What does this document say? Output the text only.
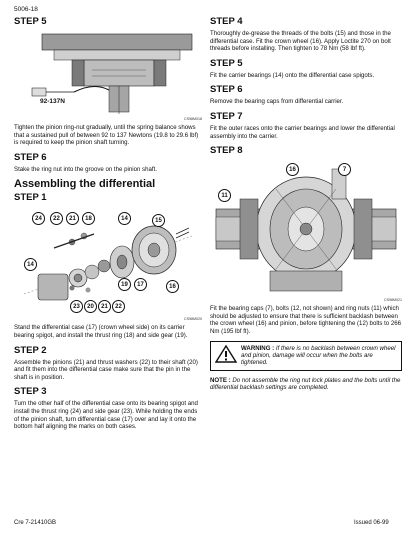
5006-18
STEP 5
92-137N
CS98M018
Tighten the pinion ring-nut gradually, until the spring balance shows that a sustained pull of between 92 to 137 Newtons (19.8 to 29.6 lbf) is required to keep the pinion shaft turning.
STEP 6
Stake the ring nut into the groove on the pinion shaft.
Assembling the differential
STEP 1
24	22	21	18	14	15
14
19	17	16
23	20	21	22
CS98M020
Stand the differential case (17) (crown wheel side) on its carrier bearing spigot, and install the thrust ring (18) and side gear (19).
STEP 2
Assemble the pinions (21) and thrust washers (22) to their shaft (20) and fit them into the differential case make sure that the pin in the shaft is in position.
STEP 3
Turn the other half of the differential case onto its bearing spigot and install the thrust ring (24) and side gear (23). While holding the ends of the pinion shaft, turn differential case (17) over and lay it onto the bottom half aligning the marks on both cases.
STEP 4
Thoroughly de-grease the threads of the bolts (15) and those in the differential case. Fit the crown wheel (16). Apply Loctite 270 on bolt threads before installing. Then tighten to 78 Nm (58 lbf ft).
STEP 5
Fit the carrier bearings (14) onto the differential case spigots.
STEP 6
Remove the bearing caps from differential carrier.
STEP 7
Fit the outer races onto the carrier bearings and lower the differential assembly into the carrier.
STEP 8
16	7
11
CS98M021
Fit the bearing caps (7), bolts (12, not shown) and ring nuts (11) which should be adjusted to ensure that there is sufficient backlash between the crown wheel (16) and pinion, before tightening the (12) bolts to 266 Nm (195 lbf ft).
WARNING : If there is no backlash between crown wheel and pinion, damage will occur when the bolts are tightened.
NOTE : Do not assemble the ring nut lock plates and the bolts until the differential backlash settings are completed.
Cre 7-21410GB	Issued 06-99
